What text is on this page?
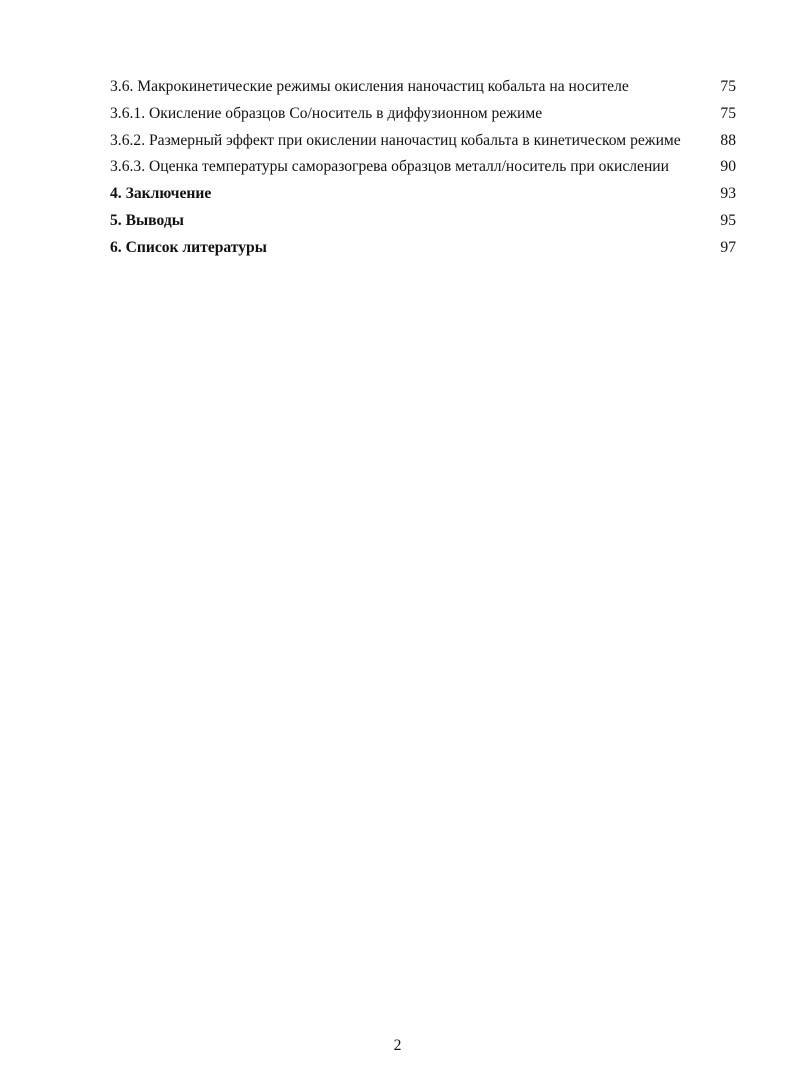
3.6. Макрокинетические режимы окисления наночастиц кобальта на носителе	75
3.6.1. Окисление образцов Со/носитель в диффузионном режиме	75
3.6.2. Размерный эффект при окислении наночастиц кобальта в кинетическом режиме	88
3.6.3. Оценка температуры саморазогрева образцов металл/носитель при окислении	90
4. Заключение	93
5. Выводы	95
6. Список литературы	97
2
